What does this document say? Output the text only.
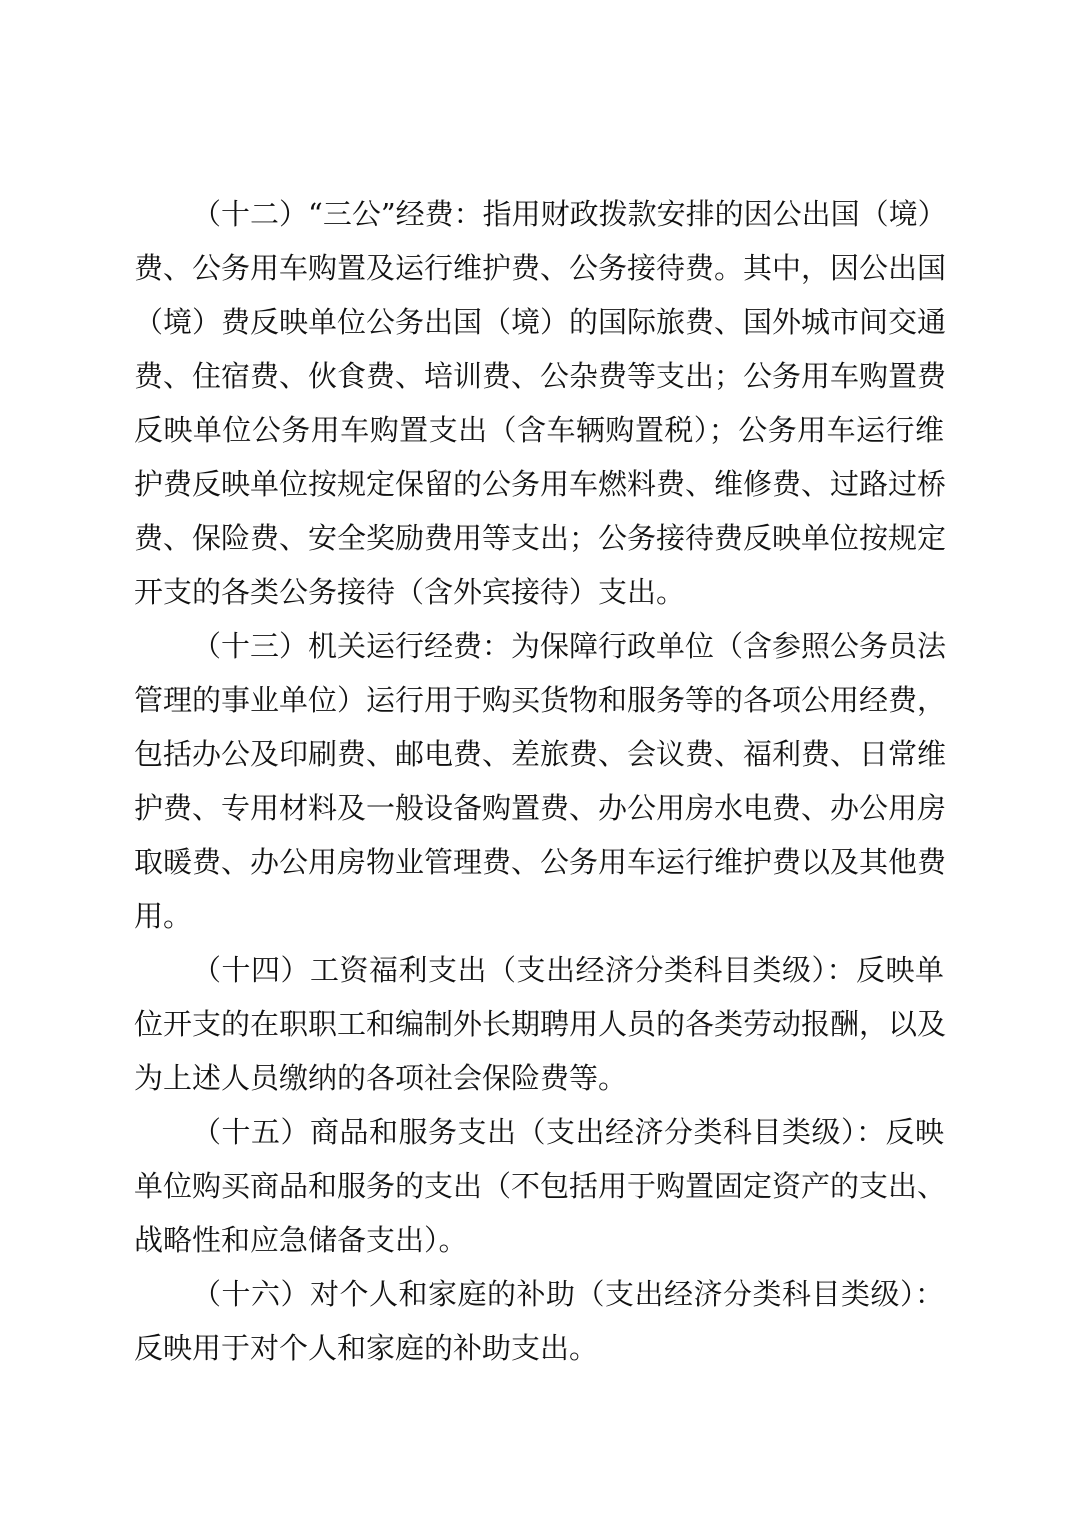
（十二）“三公”经费：指用财政拨款安排的因公出国（境）
费、公务用车购置及运行维护费、公务接待费。其中，因公出国
（境）费反映单位公务出国（境）的国际旅费、国外城市间交通
费、住宿费、伙食费、培训费、公杂费等支出；公务用车购置费
反映单位公务用车购置支出（含车辆购置税）；公务用车运行维
护费反映单位按规定保留的公务用车燃料费、维修费、过路过桥
费、保险费、安全奖励费用等支出；公务接待费反映单位按规定
开支的各类公务接待（含外宾接待）支出。
（十三）机关运行经费：为保障行政单位（含参照公务员法
管理的事业单位）运行用于购买货物和服务等的各项公用经费，
包括办公及印刷费、邮电费、差旅费、会议费、福利费、日常维
护费、专用材料及一般设备购置费、办公用房水电费、办公用房
取暖费、办公用房物业管理费、公务用车运行维护费以及其他费
用。
（十四）工资福利支出（支出经济分类科目类级）：反映单
位开支的在职职工和编制外长期聘用人员的各类劳动报酬，以及
为上述人员缴纳的各项社会保险费等。
（十五）商品和服务支出（支出经济分类科目类级）：反映
单位购买商品和服务的支出（不包括用于购置固定资产的支出、
战略性和应急储备支出）。
（十六）对个人和家庭的补助（支出经济分类科目类级）：
反映用于对个人和家庭的补助支出。
